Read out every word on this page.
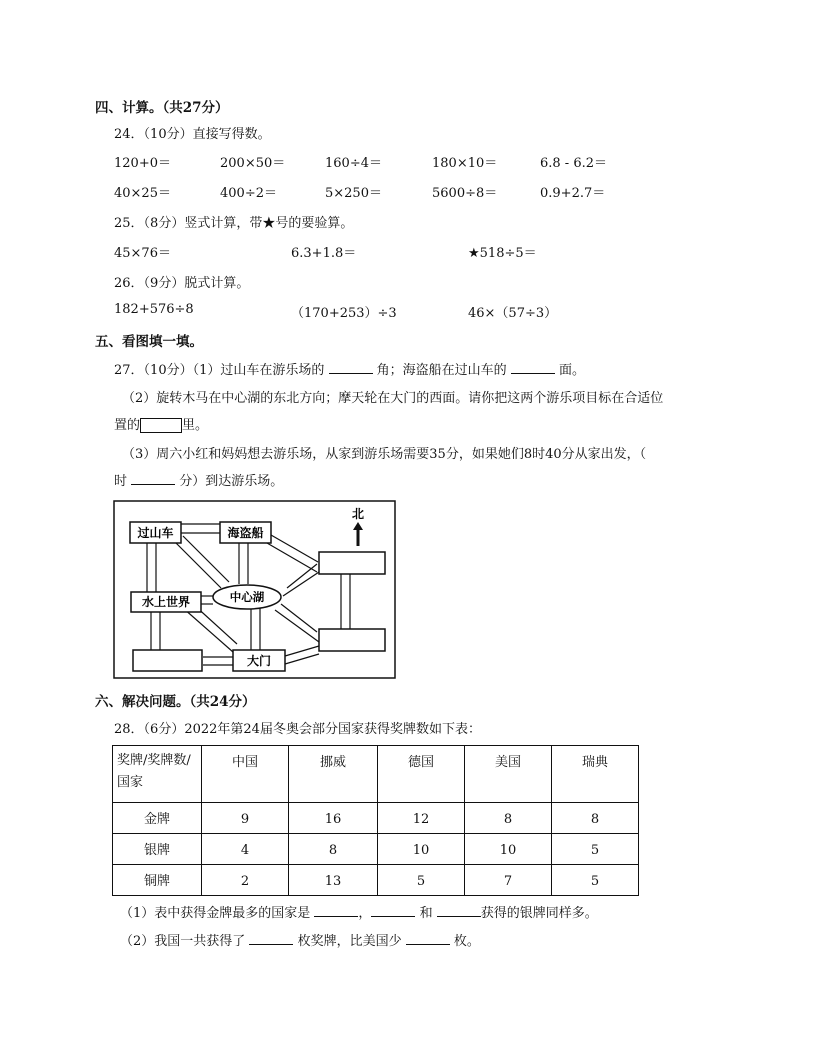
四、计算。（共27分）
24．（10分）直接写得数。
120+0＝	200×50＝	160÷4＝	180×10＝	6.8 - 6.2＝
40×25＝	400÷2＝	5×250＝	5600÷8＝	0.9+2.7＝
25．（8分）竖式计算，带★号的要验算。
45×76＝	6.3+1.8＝	★518÷5＝
26．（9分）脱式计算。
182+576÷8	（170+253）÷3	46×（57÷3）
五、看图填一填。
27．（10分）（1）过山车在游乐场的	角；海盗船在过山车的	面。
（2）旋转木马在中心湖的东北方向；摩天轮在大门的西面。请你把这两个游乐项目标在合适位
置的	里。
（3）周六小红和妈妈想去游乐场，从家到游乐场需要35分，如果她们8时40分从家出发，（
时	分）到达游乐场。
过山车	海盗船
中心湖
水上世界
大门
北
六、解决问题。（共24分）
28．（6分）2022年第24届冬奥会部分国家获得奖牌数如下表：
奖牌/奖牌数/
国家	中国	挪威	德国	美国	瑞典
金牌	9	16	12	8	8
银牌	4	8	10	10	5
铜牌	2	13	5	7	5
（1）表中获得金牌最多的国家是	，	和	获得的银牌同样多。
（2）我国一共获得了	枚奖牌，比美国少	枚。
